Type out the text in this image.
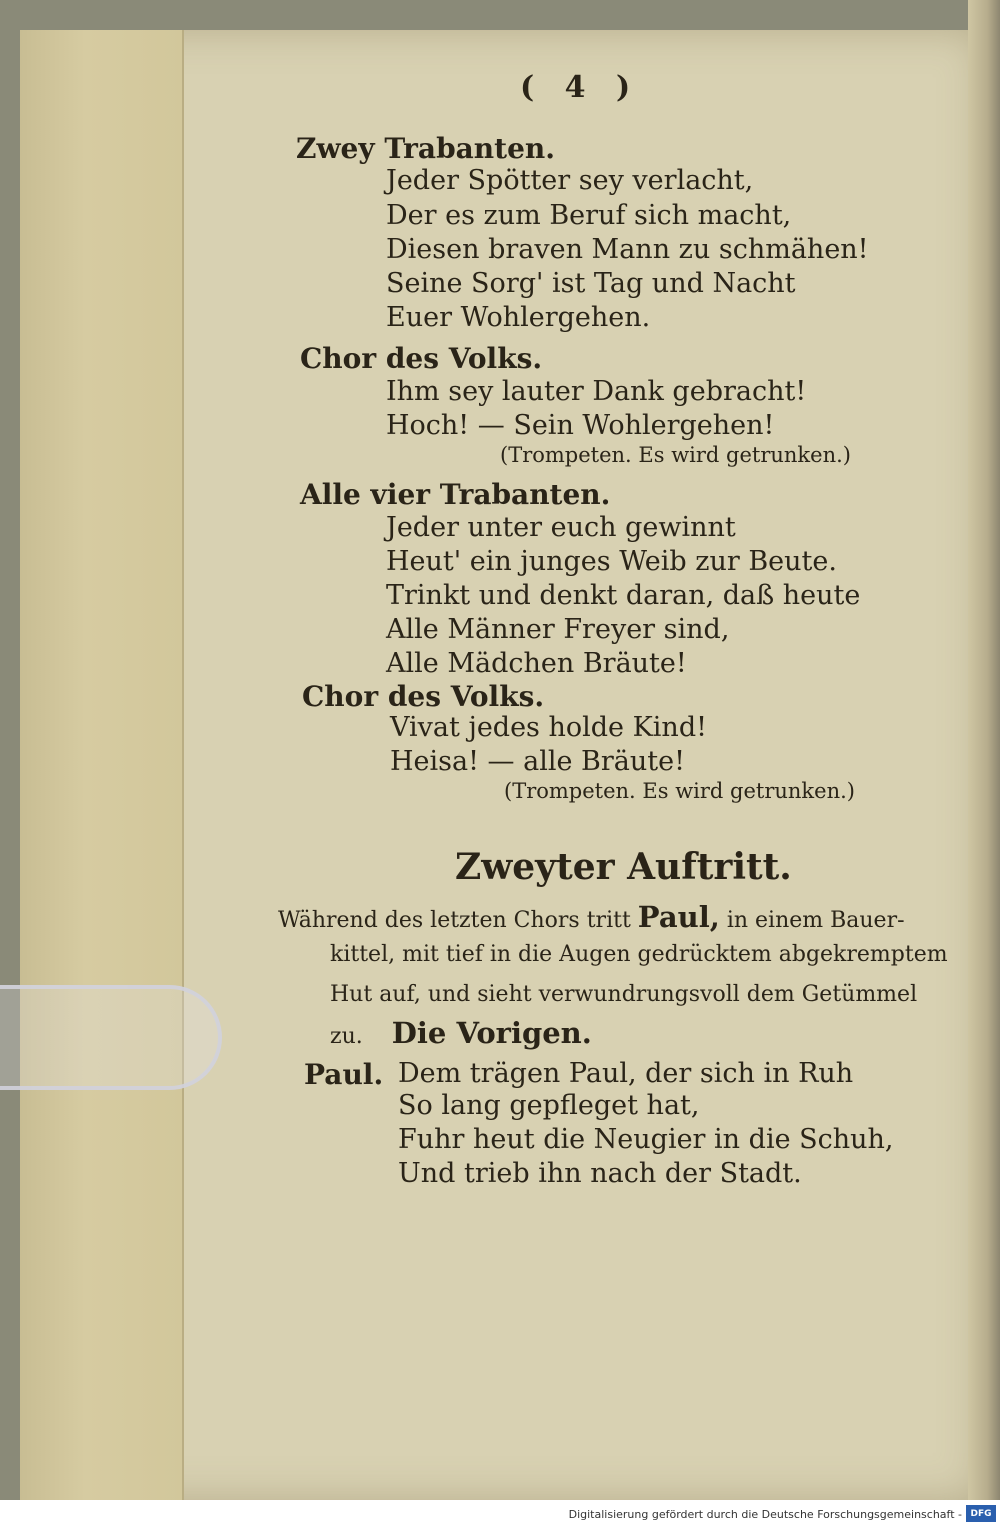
( 4 )
Zwey Trabanten.
Jeder Spötter sey verlacht,
Der es zum Beruf sich macht,
Diesen braven Mann zu schmähen!
Seine Sorg' ist Tag und Nacht
Euer Wohlergehen.
Chor des Volks.
Ihm sey lauter Dank gebracht!
Hoch! — Sein Wohlergehen!
(Trompeten. Es wird getrunken.)
Alle vier Trabanten.
Jeder unter euch gewinnt
Heut' ein junges Weib zur Beute.
Trinkt und denkt daran, daß heute
Alle Männer Freyer sind,
Alle Mädchen Bräute!
Chor des Volks.
Vivat jedes holde Kind!
Heisa! — alle Bräute!
(Trompeten. Es wird getrunken.)
Zweyter Auftritt.
Während des letzten Chors tritt Paul, in einem Bauer-
kittel, mit tief in die Augen gedrücktem abgekremptem
Hut auf, und sieht verwundrungsvoll dem Getümmel
zu. Die Vorigen.
Paul. Dem trägen Paul, der sich in Ruh
So lang gepfleget hat,
Fuhr heut die Neugier in die Schuh,
Und trieb ihn nach der Stadt.
Digitalisierung gefördert durch die Deutsche Forschungsgemeinschaft - DFG
